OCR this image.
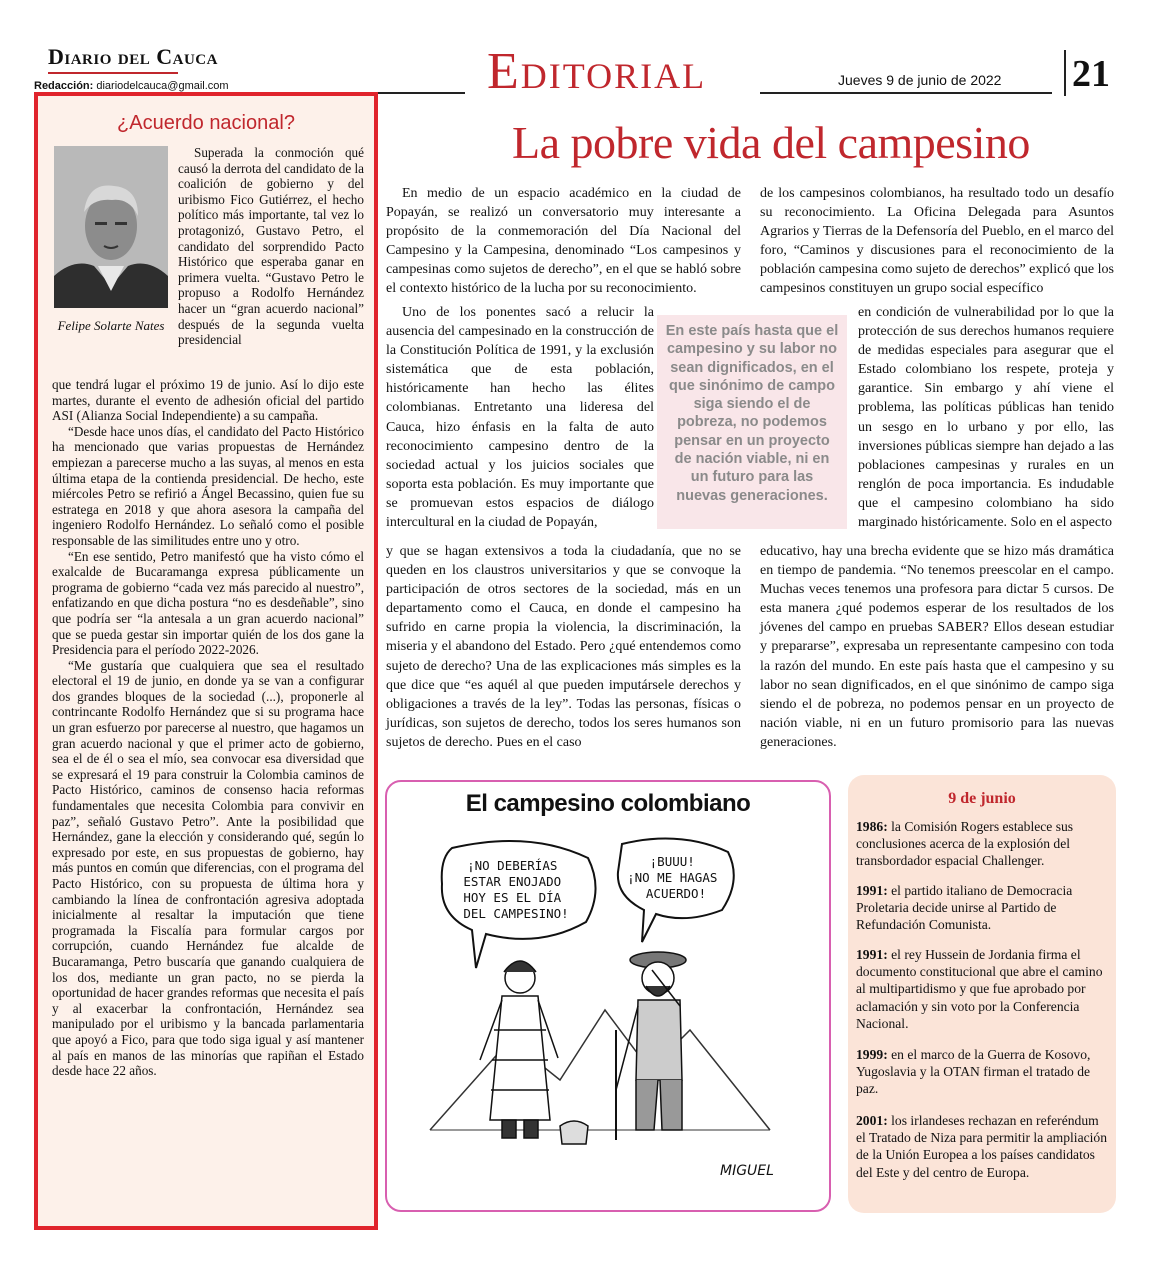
Diario del Cauca
Redacción: diariodelcauca@gmail.com	Editorial	Jueves 9 de junio de 2022 21
¿Acuerdo nacional?
Felipe Solarte Nates

Superada la conmoción qué causó la derrota del candidato de la coalición de gobierno y del uribismo Fico Gutiérrez, el hecho político más importante, tal vez lo protagonizó, Gustavo Petro, el candidato del sorprendido Pacto Histórico que esperaba ganar en primera vuelta. “Gustavo Petro le propuso a Rodolfo Hernández hacer un “gran acuerdo nacional” después de la segunda vuelta presidencial

que tendrá lugar el próximo 19 de junio. Así lo dijo este martes, durante el evento de adhesión oficial del partido ASI (Alianza Social Independiente) a su campaña.

“Desde hace unos días, el candidato del Pacto Histórico ha mencionado que varias propuestas de Hernández empiezan a parecerse mucho a las suyas, al menos en esta última etapa de la contienda presidencial. De hecho, este miércoles Petro se refirió a Ángel Becassino, quien fue su estratega en 2018 y que ahora asesora la campaña del ingeniero Rodolfo Hernández. Lo señaló como el posible responsable de las similitudes entre uno y otro.

“En ese sentido, Petro manifestó que ha visto cómo el exalcalde de Bucaramanga expresa públicamente un programa de gobierno “cada vez más parecido al nuestro”, enfatizando en que dicha postura “no es desdeñable”, sino que podría ser “la antesala a un gran acuerdo nacional” que se pueda gestar sin importar quién de los dos gane la Presidencia para el período 2022-2026.

“Me gustaría que cualquiera que sea el resultado electoral el 19 de junio, en donde ya se van a configurar dos grandes bloques de la sociedad (...), proponerle al contrincante Rodolfo Hernández que si su programa hace un gran esfuerzo por parecerse al nuestro, que hagamos un gran acuerdo nacional y que el primer acto de gobierno, sea el de él o sea el mío, sea convocar esa diversidad que se expresará el 19 para construir la Colombia caminos de Pacto Histórico, caminos de consenso hacia reformas fundamentales que necesita Colombia para convivir en paz”, señaló Gustavo Petro”. Ante la posibilidad que Hernández, gane la elección y considerando qué, según lo expresado por este, en sus propuestas de gobierno, hay más puntos en común que diferencias, con el programa del Pacto Histórico, con su propuesta de última hora y cambiando la línea de confrontación agresiva adoptada inicialmente al resaltar la imputación que tiene programada la Fiscalía para formular cargos por corrupción, cuando Hernández fue alcalde de Bucaramanga, Petro buscaría que ganando cualquiera de los dos, mediante un gran pacto, no se pierda la oportunidad de hacer grandes reformas que necesita el país y al exacerbar la confrontación, Hernández sea manipulado por el uribismo y la bancada parlamentaria que apoyó a Fico, para que todo siga igual y así mantener al país en manos de las minorías que rapiñan el Estado desde hace 22 años.

La pobre vida del campesino

En medio de un espacio académico en la ciudad de Popayán, se realizó un conversatorio muy interesante a propósito de la conmemoración del Día Nacional del Campesino y la Campesina, denominado “Los campesinos y campesinas como sujetos de derecho”, en el que se habló sobre el contexto histórico de la lucha por su reconocimiento.

Uno de los ponentes sacó a relucir la ausencia del campesinado en la construcción de la Constitución Política de 1991, y la exclusión sistemática que de esta población, históricamente han hecho las élites colombianas. Entretanto una lideresa del Cauca, hizo énfasis en la falta de auto reconocimiento campesino dentro de la sociedad actual y los juicios sociales que soporta esta población. Es muy importante que se promuevan estos espacios de diálogo intercultural en la ciudad de Popayán,

y que se hagan extensivos a toda la ciudadanía, que no se queden en los claustros universitarios y que se convoque la participación de otros sectores de la sociedad, más en un departamento como el Cauca, en donde el campesino ha sufrido en carne propia la violencia, la discriminación, la miseria y el abandono del Estado. Pero ¿qué entendemos como sujeto de derecho? Una de las explicaciones más simples es la que dice que “es aquél al que pueden imputársele derechos y obligaciones a través de la ley”. Todas las personas, físicas o jurídicas, son sujetos de derecho, todos los seres humanos son sujetos de derecho. Pues en el caso

de los campesinos colombianos, ha resultado todo un desafío su reconocimiento. La Oficina Delegada para Asuntos Agrarios y Tierras de la Defensoría del Pueblo, en el marco del foro, “Caminos y discusiones para el reconocimiento de la población campesina como sujeto de derechos” explicó que los campesinos constituyen un grupo social específico

en condición de vulnerabilidad por lo que la protección de sus derechos humanos requiere de medidas especiales para asegurar que el Estado colombiano los respete, proteja y garantice. Sin embargo y ahí viene el problema, las políticas públicas han tenido un sesgo en lo urbano y por ello, las inversiones públicas siempre han dejado a las poblaciones campesinas y rurales en un renglón de poca importancia. Es indudable que el campesino colombiano ha sido marginado históricamente. Solo en el aspecto

educativo, hay una brecha evidente que se hizo más dramática en tiempo de pandemia. “No tenemos preescolar en el campo. Muchas veces tenemos una profesora para dictar 5 cursos. De esta manera ¿qué podemos esperar de los resultados de los jóvenes del campo en pruebas SABER? Ellos desean estudiar y prepararse”, expresaba un representante campesino con toda la razón del mundo. En este país hasta que el campesino y su labor no sean dignificados, en el que sinónimo de campo siga siendo el de pobreza, no podemos pensar en un proyecto de nación viable, ni en un futuro promisorio para las nuevas generaciones.

En este país hasta que el campesino y su labor no sean dignificados, en el que sinónimo de campo siga siendo el de pobreza, no podemos pensar en un proyecto de nación viable, ni en un futuro para las nuevas generaciones.
El campesino colombiano
¡NO DEBERÍAS ESTAR ENOJADO HOY ES EL DÍA DEL CAMPESINO!
¡BUUU! ¡NO ME HAGAS ACUERDO!
MIGUEL
9 de junio
1986: la Comisión Rogers establece sus conclusiones acerca de la explosión del transbordador espacial Challenger.
1991: el partido italiano de Democracia Proletaria decide unirse al Partido de Refundación Comunista.
1991: el rey Hussein de Jordania firma el documento constitucional que abre el camino al multipartidismo y que fue aprobado por aclamación y sin voto por la Conferencia Nacional.
1999: en el marco de la Guerra de Kosovo, Yugoslavia y la OTAN firman el tratado de paz.
2001: los irlandeses rechazan en referéndum el Tratado de Niza para permitir la ampliación de la Unión Europea a los países candidatos del Este y del centro de Europa.
